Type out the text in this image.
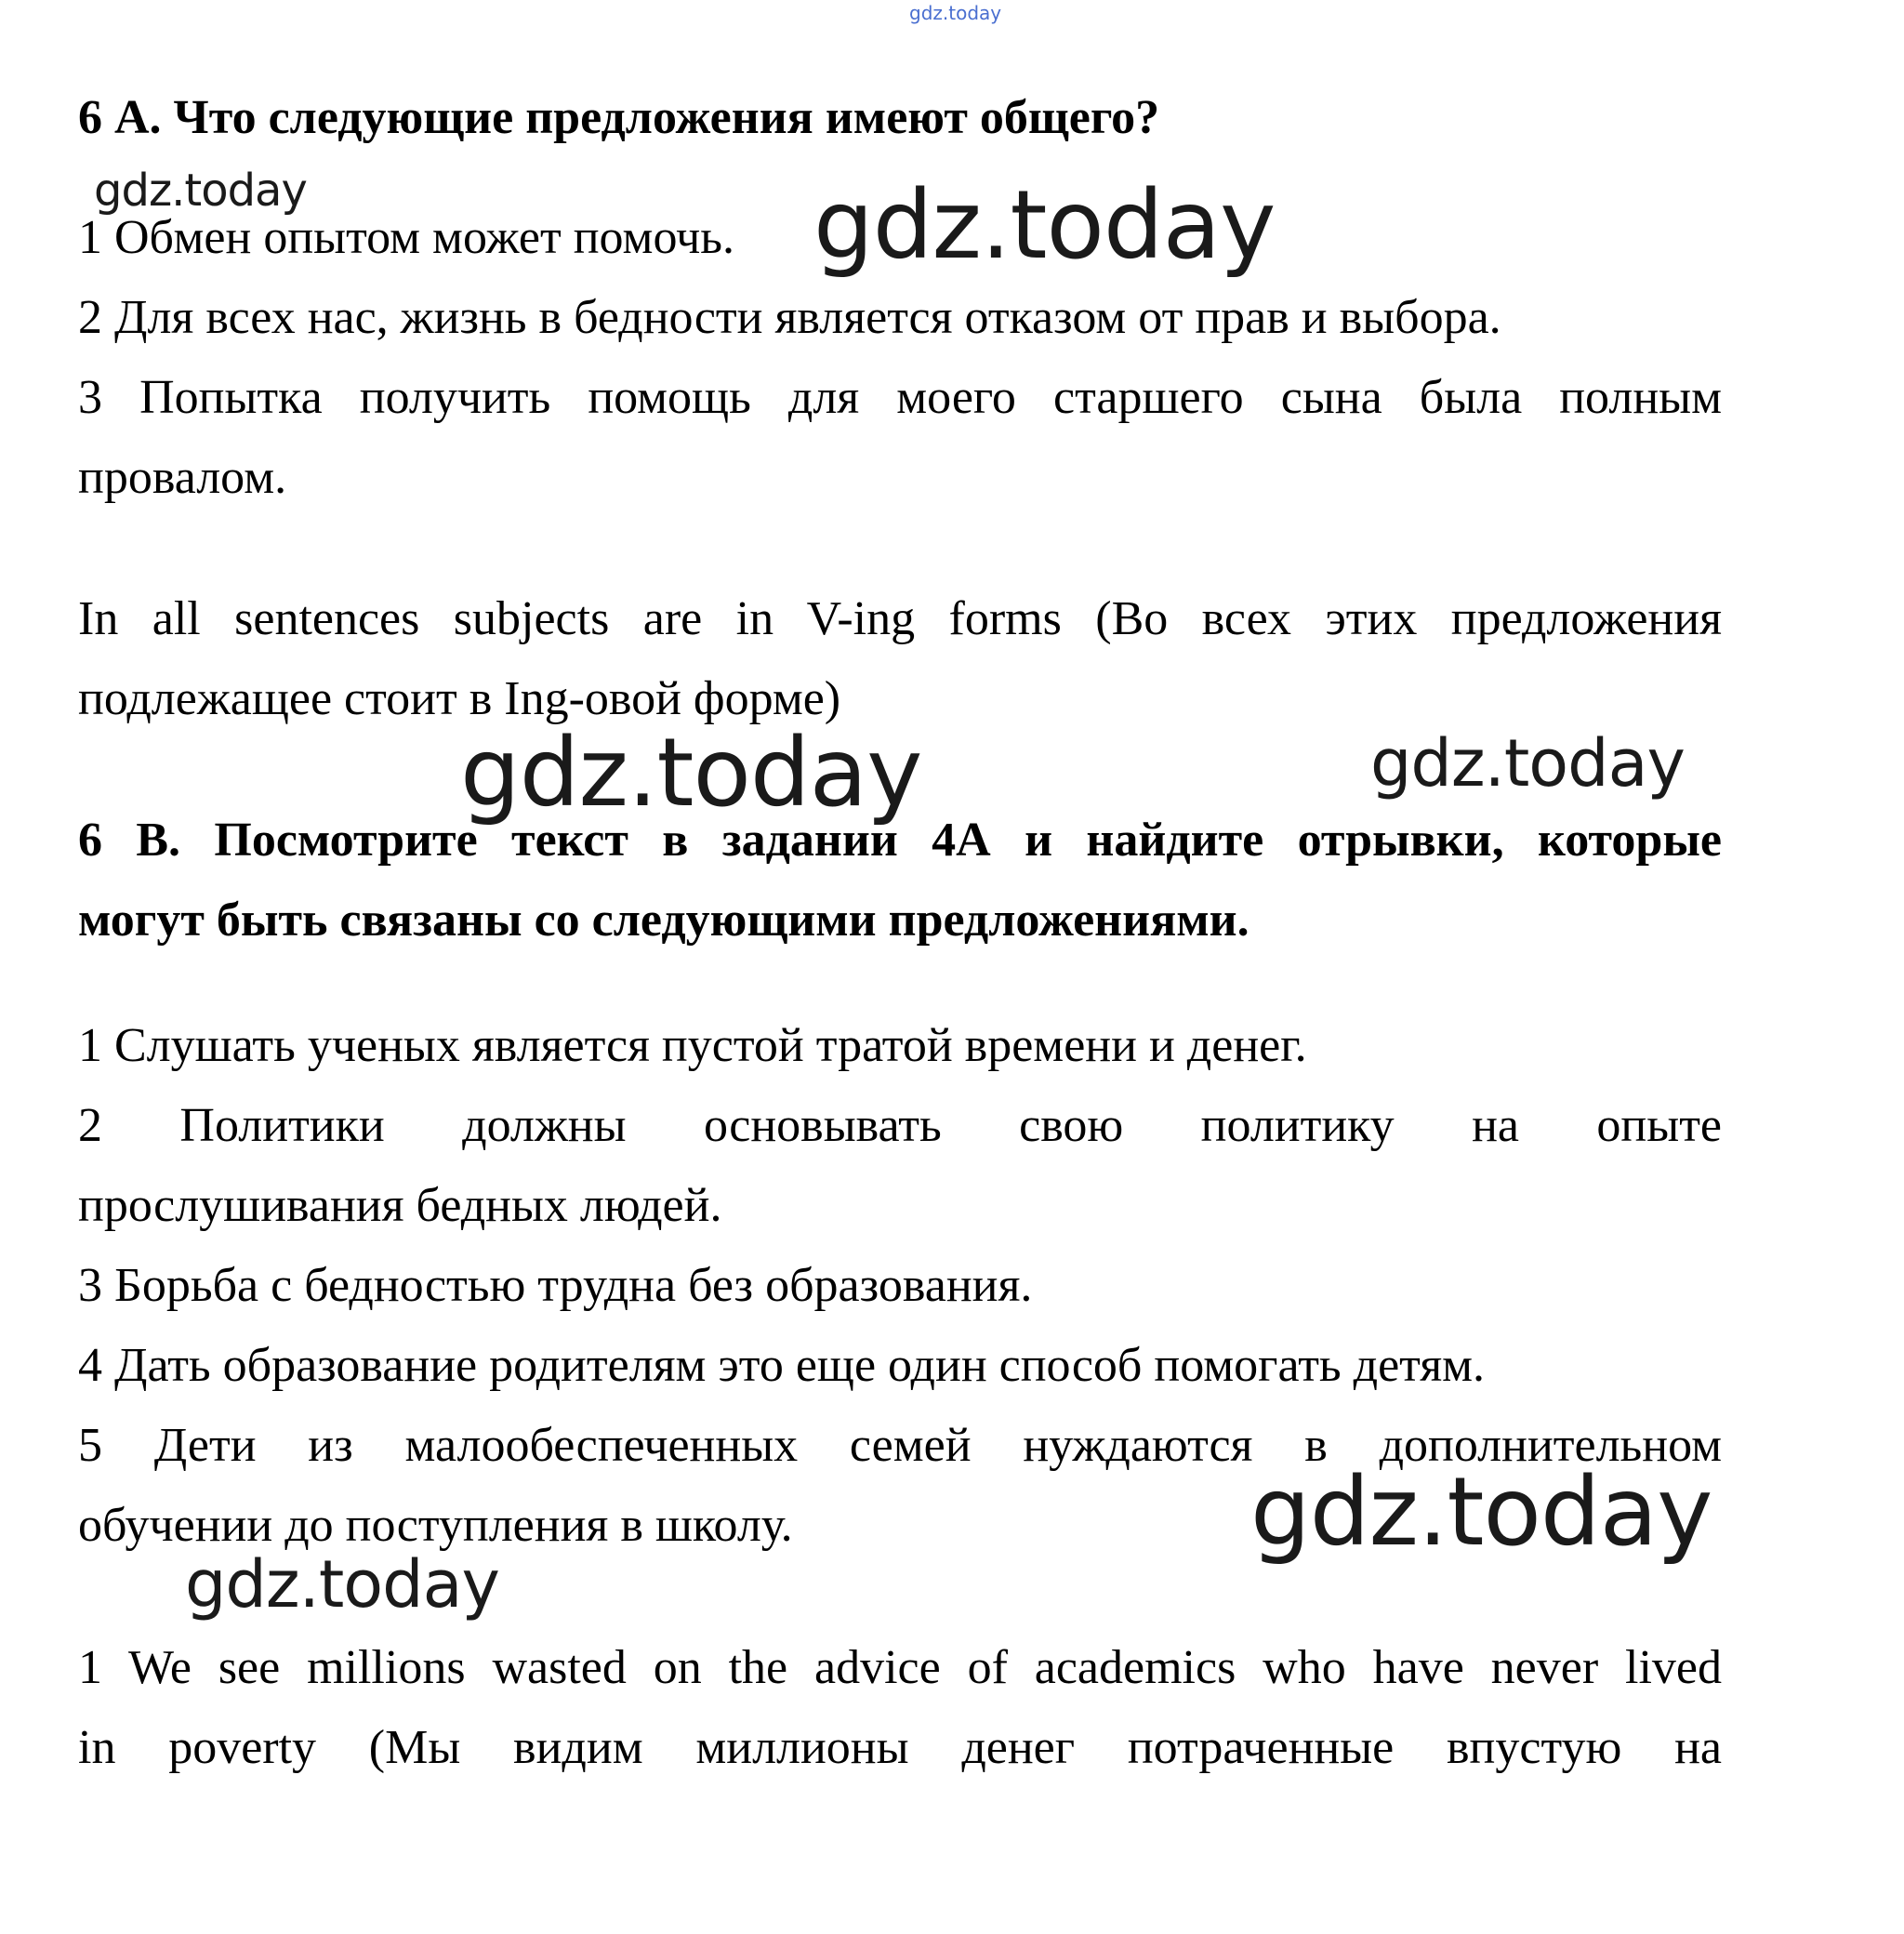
gdz.today
gdz.today	gdz.today
gdz.today	gdz.today
gdz.today
gdz.today
6 А. Что следующие предложения имеют общего?
1 Обмен опытом может помочь.
2 Для всех нас, жизнь в бедности является отказом от прав и выбора.
3 Попытка получить помощь для моего старшего сына была полным
провалом.
In all sentences subjects are in V-ing forms (Во всех этих предложения
подлежащее стоит в Ing-овой форме)
6 В. Посмотрите текст в задании 4А и найдите отрывки, которые
могут быть связаны со следующими предложениями.
1 Слушать ученых является пустой тратой времени и денег.
2 Политики должны основывать свою политику на опыте
прослушивания бедных людей.
3 Борьба с бедностью трудна без образования.
4 Дать образование родителям это еще один способ помогать детям.
5 Дети из малообеспеченных семей нуждаются в дополнительном
обучении до поступления в школу.
1 We see millions wasted on the advice of academics who have never lived
in poverty (Мы видим миллионы денег потраченные впустую на
